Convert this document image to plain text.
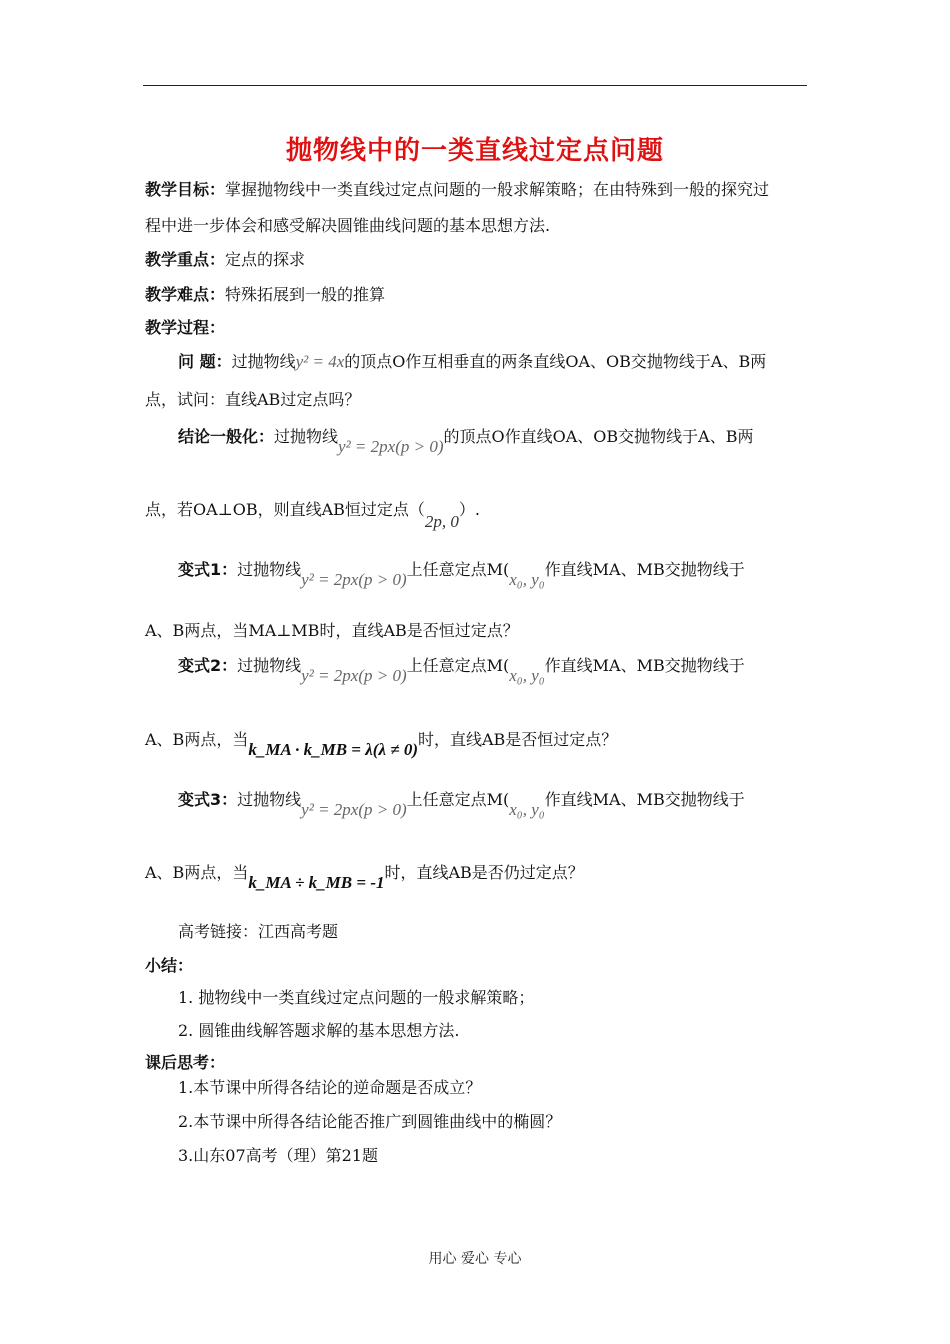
抛物线中的一类直线过定点问题
教学目标：掌握抛物线中一类直线过定点问题的一般求解策略；在由特殊到一般的探究过
程中进一步体会和感受解决圆锥曲线问题的基本思想方法.
教学重点：定点的探求
教学难点：特殊拓展到一般的推算
教学过程：
问 题：过抛物线y² = 4x的顶点O作互相垂直的两条直线OA、OB交抛物线于A、B两
点，试问：直线AB过定点吗？
结论一般化：过抛物线y² = 2px(p > 0)的顶点O作直线OA、OB交抛物线于A、B两
点，若OA⊥OB，则直线AB恒过定点（2p, 0）.
变式1：过抛物线y² = 2px(p > 0)上任意定点M(x₀, y₀作直线MA、MB交抛物线于
A、B两点，当MA⊥MB时，直线AB是否恒过定点？
变式2：过抛物线y² = 2px(p > 0)上任意定点M(x₀, y₀作直线MA、MB交抛物线于
A、B两点，当k_MA · k_MB = λ(λ ≠ 0)时，直线AB是否恒过定点？
变式3：过抛物线y² = 2px(p > 0)上任意定点M(x₀, y₀作直线MA、MB交抛物线于
A、B两点，当k_MA ÷ k_MB = -1时，直线AB是否仍过定点？
高考链接：江西高考题
小结：
1. 抛物线中一类直线过定点问题的一般求解策略；
2. 圆锥曲线解答题求解的基本思想方法.
课后思考：
1.本节课中所得各结论的逆命题是否成立？
2.本节课中所得各结论能否推广到圆锥曲线中的椭圆？
3.山东07高考（理）第21题
用心 爱心 专心
